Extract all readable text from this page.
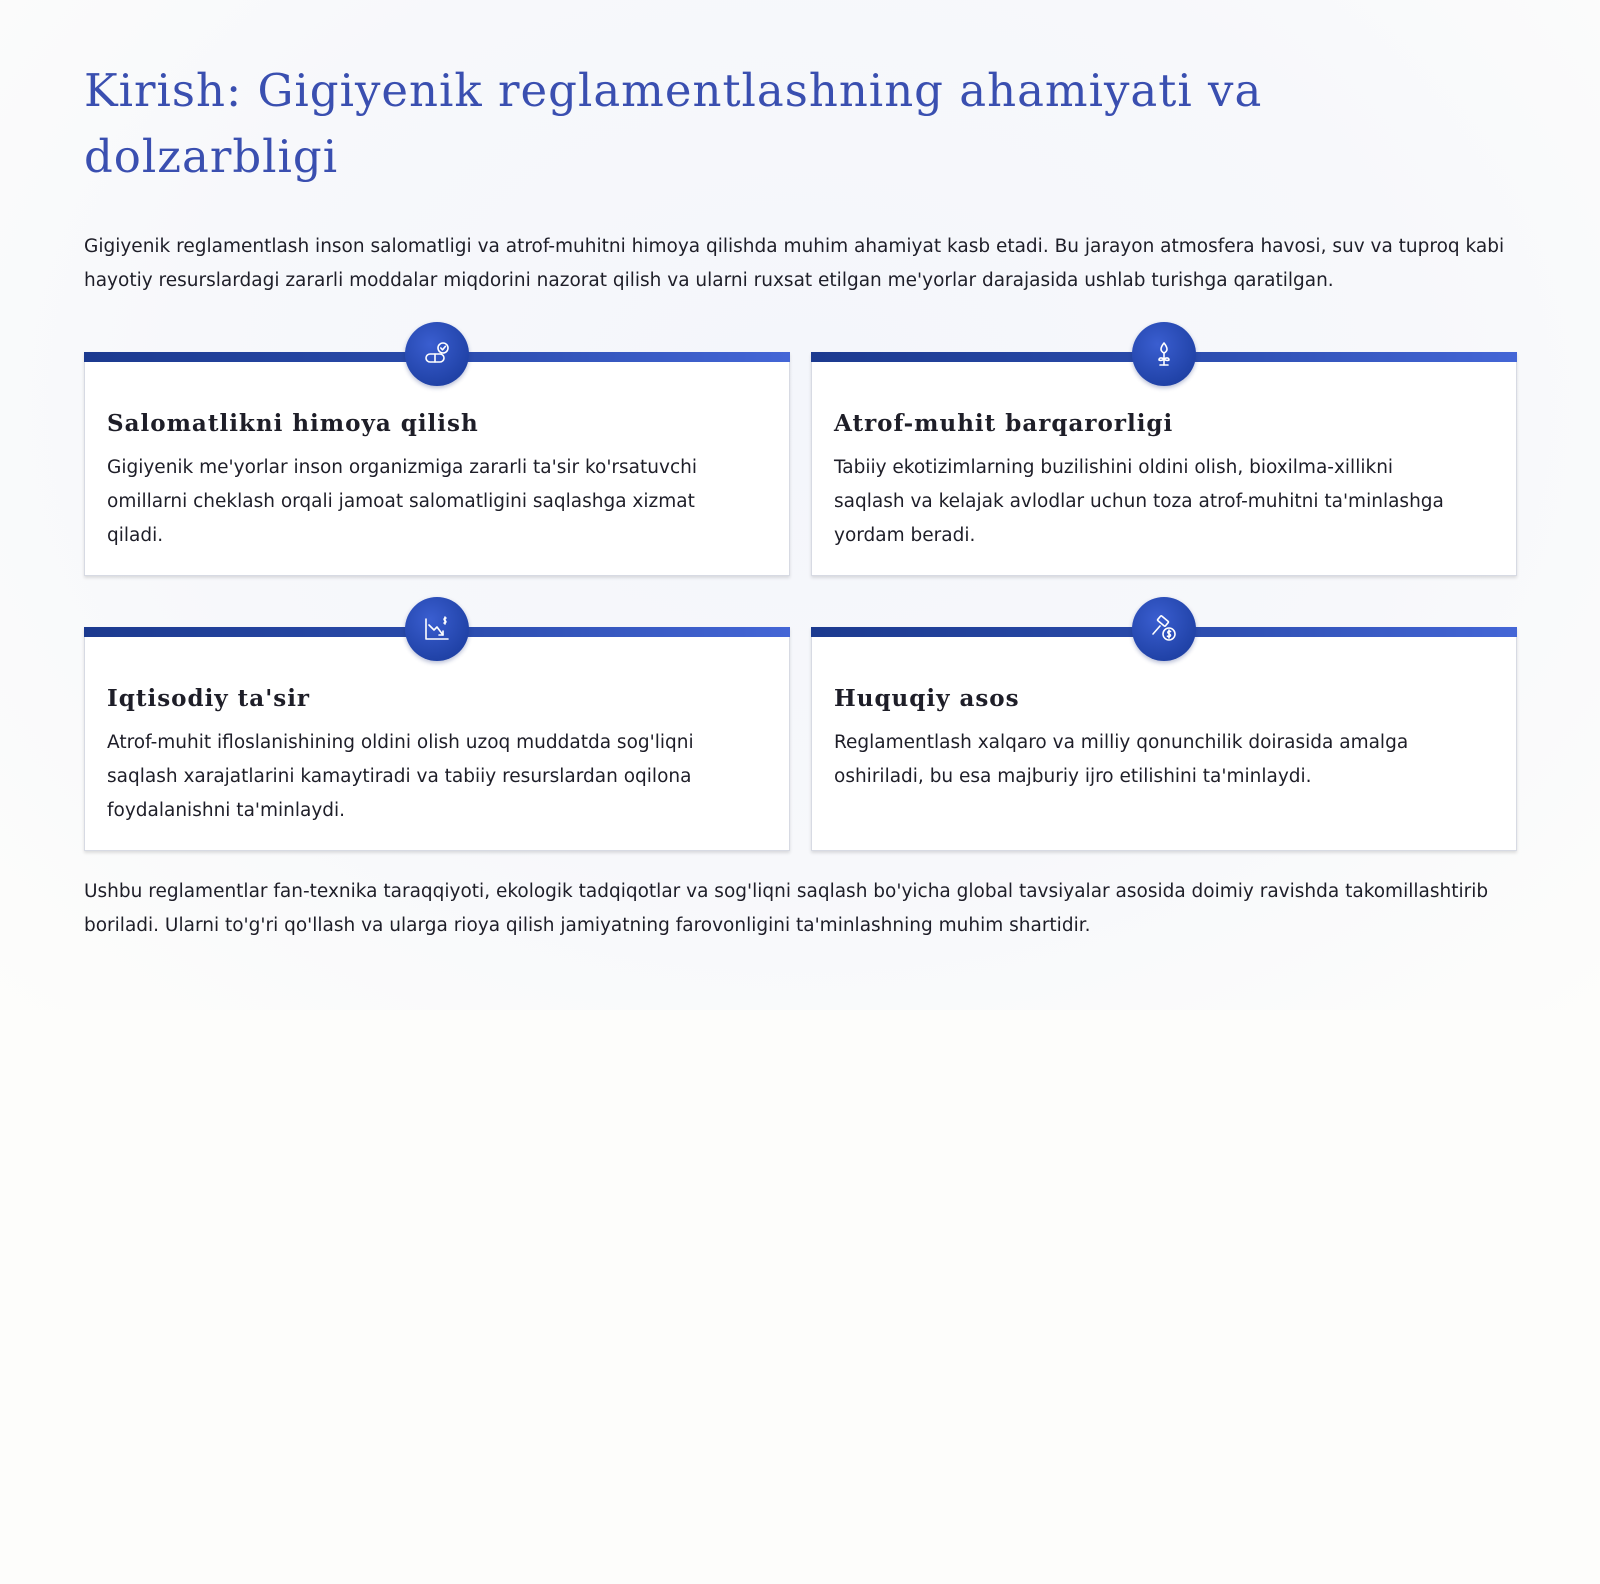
Kirish: Gigiyenik reglamentlashning ahamiyati va dolzarbligi

Gigiyenik reglamentlash inson salomatligi va atrof-muhitni himoya qilishda muhim ahamiyat kasb etadi. Bu jarayon atmosfera havosi, suv va tuproq kabi hayotiy resurslardagi zararli moddalar miqdorini nazorat qilish va ularni ruxsat etilgan me'yorlar darajasida ushlab turishga qaratilgan.

Salomatlikni himoya qilish

Gigiyenik me'yorlar inson organizmiga zararli ta'sir ko'rsatuvchi omillarni cheklash orqali jamoat salomatligini saqlashga xizmat qiladi.

Atrof-muhit barqarorligi

Tabiiy ekotizimlarning buzilishini oldini olish, bioxilma-xillikni saqlash va kelajak avlodlar uchun toza atrof-muhitni ta'minlashga yordam beradi.

Iqtisodiy ta'sir

Atrof-muhit ifloslanishining oldini olish uzoq muddatda sog'liqni saqlash xarajatlarini kamaytiradi va tabiiy resurslardan oqilona foydalanishni ta'minlaydi.

Huquqiy asos

Reglamentlash xalqaro va milliy qonunchilik doirasida amalga oshiriladi, bu esa majburiy ijro etilishini ta'minlaydi.

Ushbu reglamentlar fan-texnika taraqqiyoti, ekologik tadqiqotlar va sog'liqni saqlash bo'yicha global tavsiyalar asosida doimiy ravishda takomillashtirib boriladi. Ularni to'g'ri qo'llash va ularga rioya qilish jamiyatning farovonligini ta'minlashning muhim shartidir.
